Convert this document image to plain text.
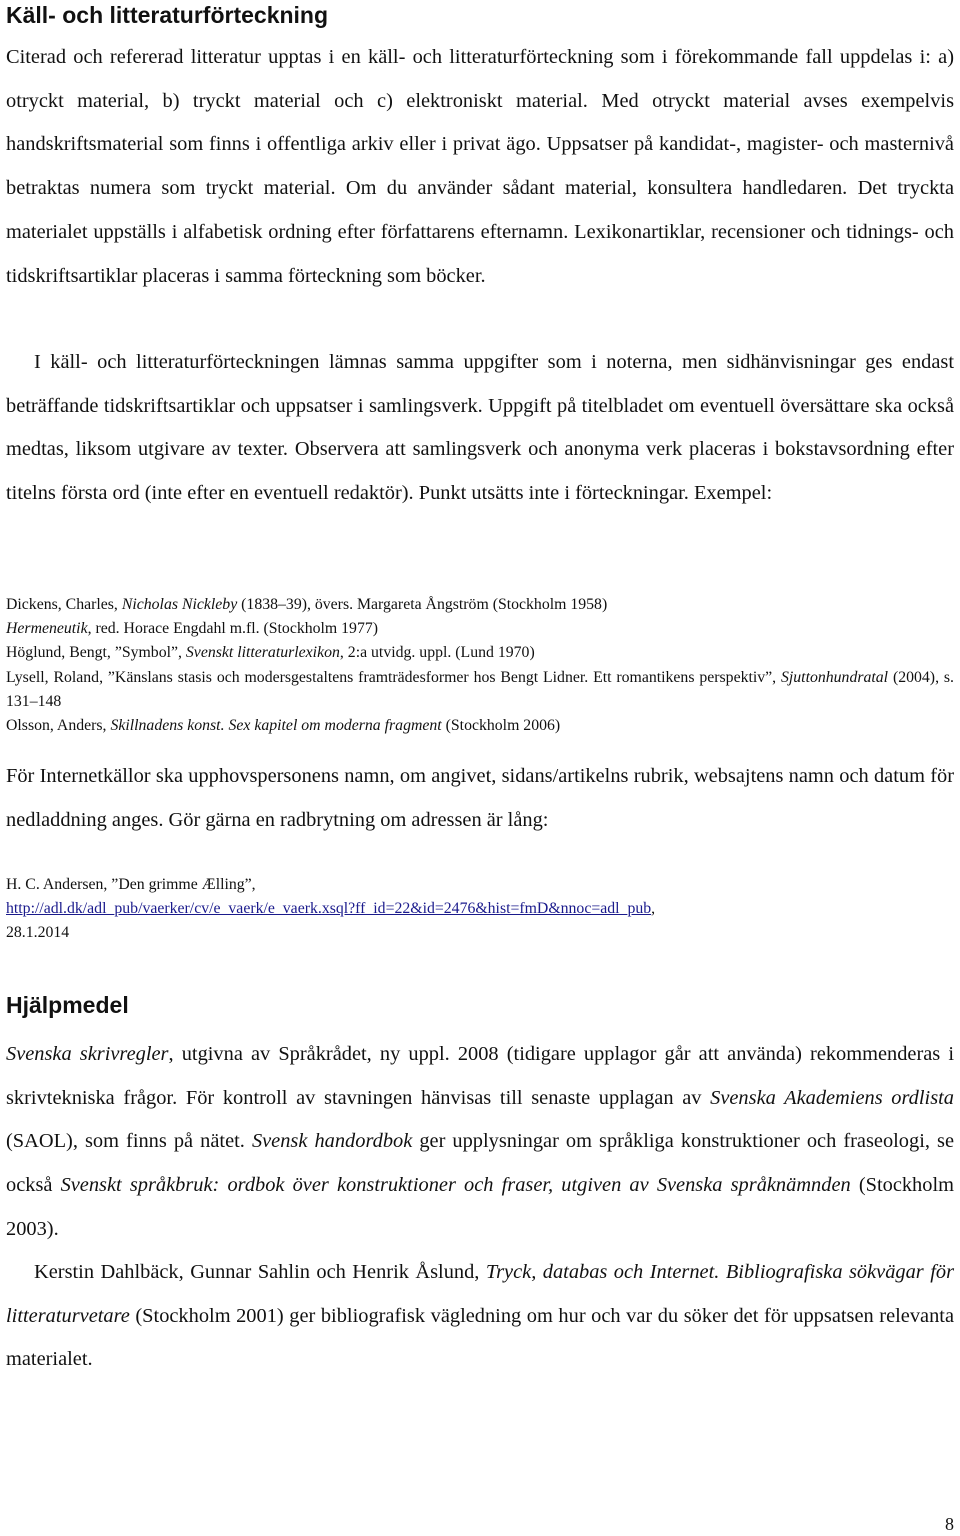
Käll- och litteraturförteckning

Citerad och refererad litteratur upptas i en käll- och litteraturförteckning som i förekommande fall uppdelas i: a) otryckt material, b) tryckt material och c) elektroniskt material. Med otryckt material avses exempelvis handskriftsmaterial som finns i offentliga arkiv eller i privat ägo. Uppsatser på kandidat-, magister- och masternivå betraktas numera som tryckt material. Om du använder sådant material, konsultera handledaren. Det tryckta materialet uppställs i alfabetisk ordning efter författarens efternamn. Lexikonartiklar, recensioner och tidnings- och tidskriftsartiklar placeras i samma förteckning som böcker.

I käll- och litteraturförteckningen lämnas samma uppgifter som i noterna, men sidhänvisningar ges endast beträffande tidskriftsartiklar och uppsatser i samlingsverk. Uppgift på titelbladet om eventuell översättare ska också medtas, liksom utgivare av texter. Observera att samlingsverk och anonyma verk placeras i bokstavsordning efter titelns första ord (inte efter en eventuell redaktör). Punkt utsätts inte i förteckningar. Exempel:

Dickens, Charles, Nicholas Nickleby (1838–39), övers. Margareta Ångström (Stockholm 1958)
Hermeneutik, red. Horace Engdahl m.fl. (Stockholm 1977)
Höglund, Bengt, ”Symbol”, Svenskt litteraturlexikon, 2:a utvidg. uppl. (Lund 1970)
Lysell, Roland, ”Känslans stasis och modersgestaltens framträdesformer hos Bengt Lidner. Ett romantikens perspektiv”, Sjuttonhundratal (2004), s. 131–148
Olsson, Anders, Skillnadens konst. Sex kapitel om moderna fragment (Stockholm 2006)

För Internetkällor ska upphovspersonens namn, om angivet, sidans/artikelns rubrik, websajtens namn och datum för nedladdning anges. Gör gärna en radbrytning om adressen är lång:

H. C. Andersen, ”Den grimme Ælling”,
http://adl.dk/adl_pub/vaerker/cv/e_vaerk/e_vaerk.xsql?ff_id=22&id=2476&hist=fmD&nnoc=adl_pub,
28.1.2014
Hjälpmedel

Svenska skrivregler, utgivna av Språkrådet, ny uppl. 2008 (tidigare upplagor går att använda) rekommenderas i skrivtekniska frågor. För kontroll av stavningen hänvisas till senaste upplagan av Svenska Akademiens ordlista (SAOL), som finns på nätet. Svensk handordbok ger upplysningar om språkliga konstruktioner och fraseologi, se också Svenskt språkbruk: ordbok över konstruktioner och fraser, utgiven av Svenska språknämnden (Stockholm 2003).

Kerstin Dahlbäck, Gunnar Sahlin och Henrik Åslund, Tryck, databas och Internet. Bibliografiska sökvägar för litteraturvetare (Stockholm 2001) ger bibliografisk vägledning om hur och var du söker det för uppsatsen relevanta materialet.

8
